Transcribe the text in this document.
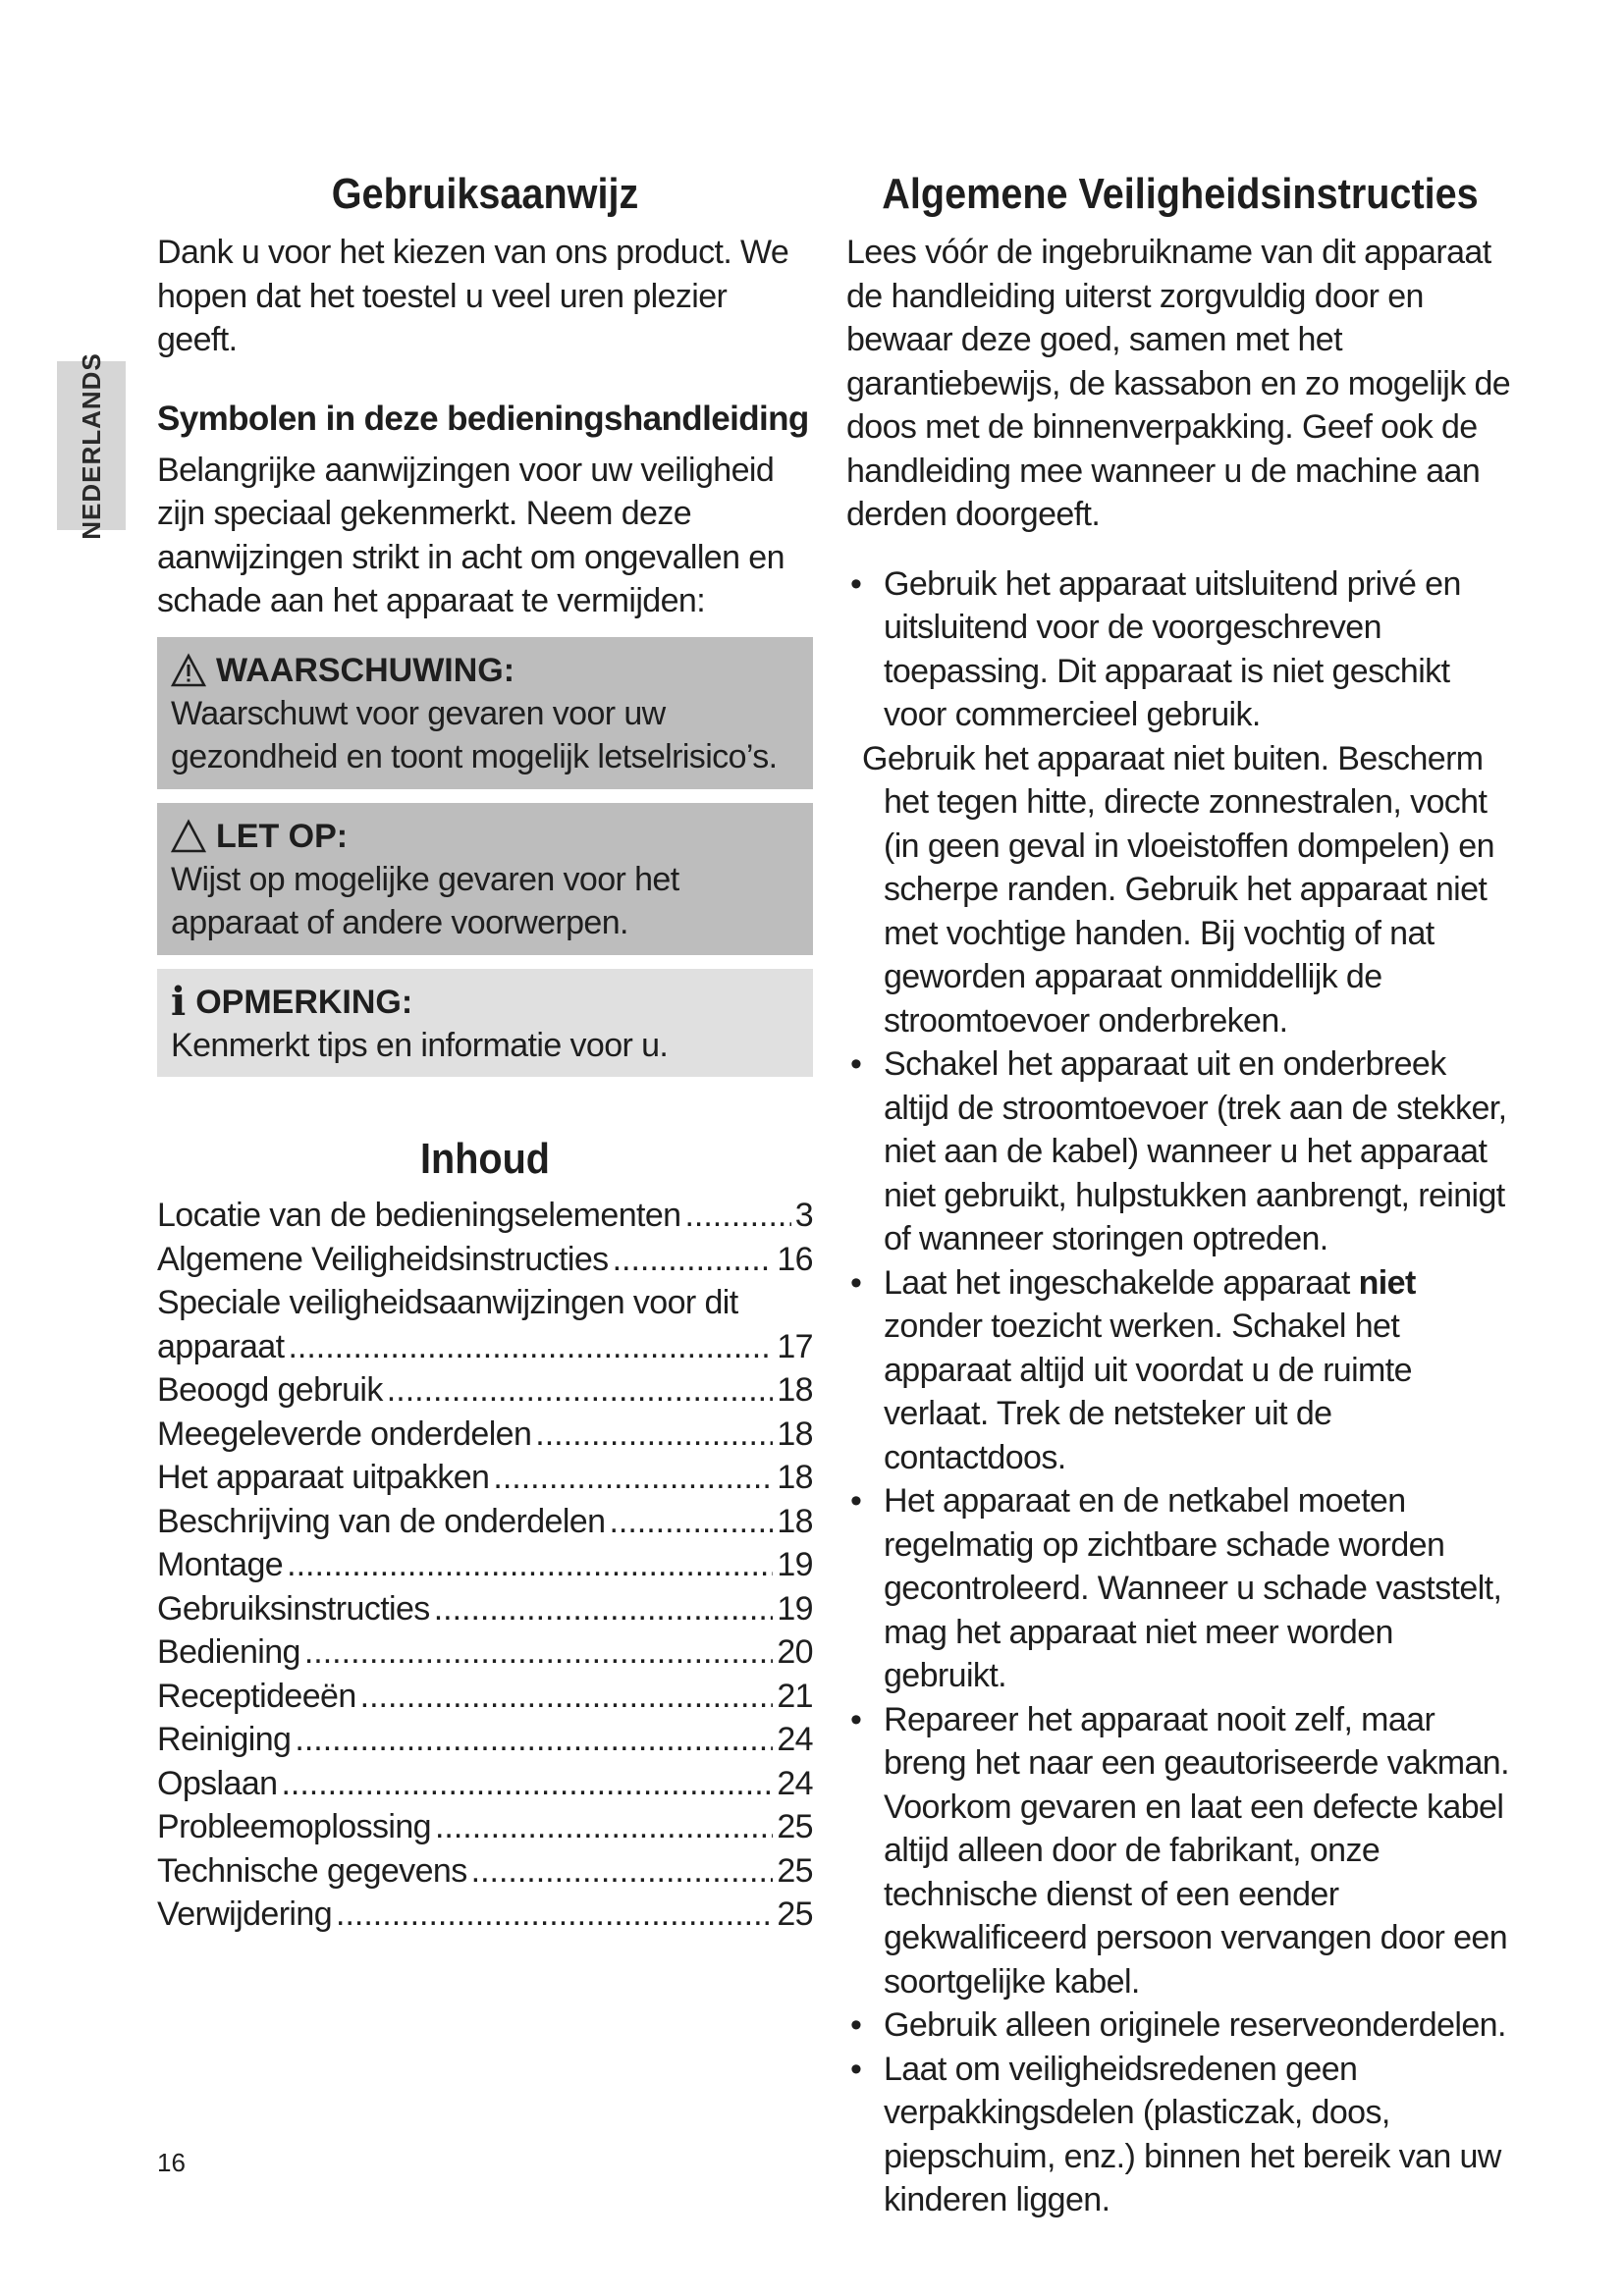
NEDERLANDS
Gebruiksaanwijz

Dank u voor het kiezen van ons product. We hopen dat het toestel u veel uren plezier geeft.

Symbolen in deze bedieningshandleiding

Belangrijke aanwijzingen voor uw veiligheid zijn speciaal gekenmerkt. Neem deze aanwijzingen strikt in acht om ongevallen en schade aan het apparaat te vermijden:

WAARSCHUWING:
Waarschuwt voor gevaren voor uw gezondheid en toont mogelijk letselrisico’s.
LET OP:
Wijst op mogelijke gevaren voor het apparaat of andere voorwerpen.
i OPMERKING:
Kenmerkt tips en informatie voor u.
Inhoud
Locatie van de bedieningselementen .....	3
Algemene Veiligheidsinstructies .....	16
Speciale veiligheidsaanwijzingen voor dit
apparaat .....	17
Beoogd gebruik .....	18
Meegeleverde onderdelen .....	18
Het apparaat uitpakken .....	18
Beschrijving van de onderdelen .....	18
Montage .....	19
Gebruiksinstructies .....	19
Bediening .....	20
Receptideeën .....	21
Reiniging .....	24
Opslaan .....	24
Probleemoplossing .....	25
Technische gegevens .....	25
Verwijdering .....	25
Algemene Veiligheidsinstructies

Lees vóór de ingebruikname van dit apparaat de handleiding uiterst zorgvuldig door en bewaar deze goed, samen met het garantiebewijs, de kassabon en zo mogelijk de doos met de binnenverpakking. Geef ook de handleiding mee wanneer u de machine aan derden doorgeeft.

• Gebruik het apparaat uitsluitend privé en uitsluitend voor de voorgeschreven toepassing. Dit apparaat is niet geschikt voor commercieel gebruik.
Gebruik het apparaat niet buiten. Bescherm het tegen hitte, directe zonnestralen, vocht (in geen geval in vloeistoffen dompelen) en scherpe randen. Gebruik het apparaat niet met vochtige handen. Bij vochtig of nat geworden apparaat onmiddellijk de stroomtoevoer onderbreken.
• Schakel het apparaat uit en onderbreek altijd de stroomtoevoer (trek aan de stekker, niet aan de kabel) wanneer u het apparaat niet gebruikt, hulpstukken aanbrengt, reinigt of wanneer storingen optreden.
• Laat het ingeschakelde apparaat niet zonder toezicht werken. Schakel het apparaat altijd uit voordat u de ruimte verlaat. Trek de netsteker uit de contactdoos.
• Het apparaat en de netkabel moeten regelmatig op zichtbare schade worden gecontroleerd. Wanneer u schade vaststelt, mag het apparaat niet meer worden gebruikt.
• Repareer het apparaat nooit zelf, maar breng het naar een geautoriseerde vakman. Voorkom gevaren en laat een defecte kabel altijd alleen door de fabrikant, onze technische dienst of een eender gekwalificeerd persoon vervangen door een soortgelijke kabel.
• Gebruik alleen originele reserveonderdelen.
• Laat om veiligheidsredenen geen verpakkingsdelen (plasticzak, doos, piepschuim, enz.) binnen het bereik van uw kinderen liggen.
16
